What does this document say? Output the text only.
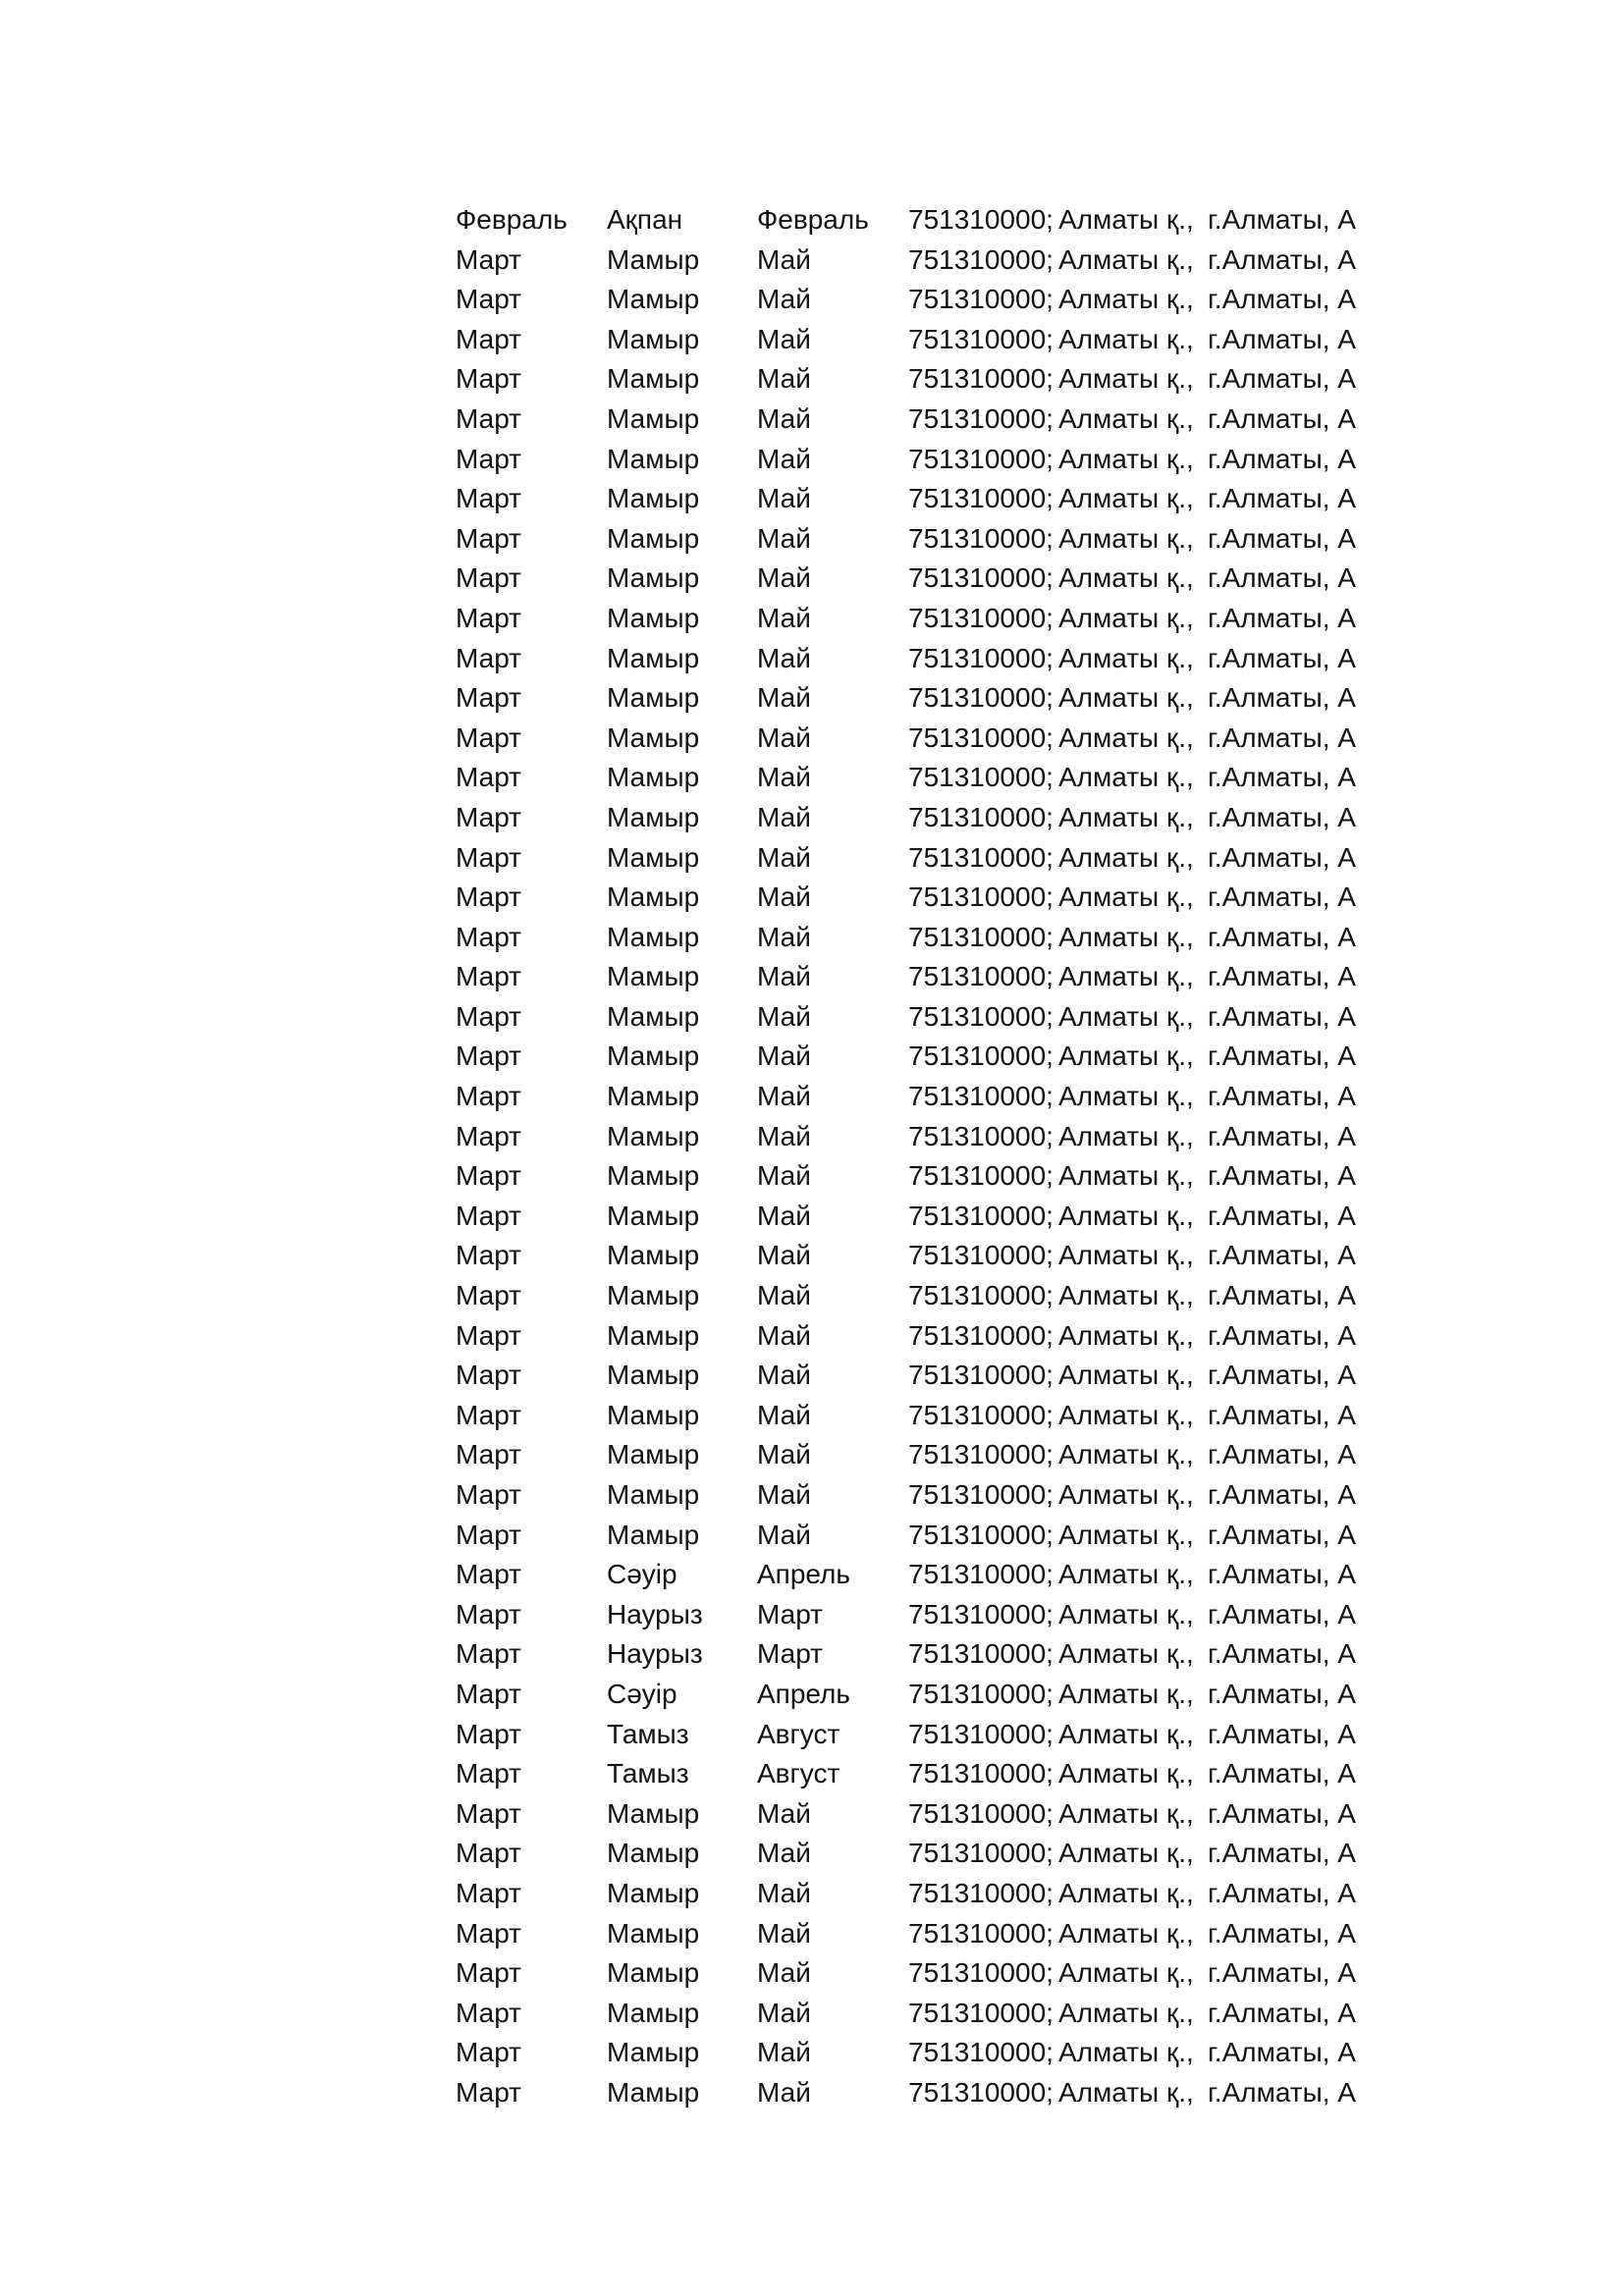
Февраль	Ақпан	Февраль	751310000; Алматы қ., г.Алматы, А
Март	Мамыр	Май	751310000; Алматы қ., г.Алматы, А
Март	Мамыр	Май	751310000; Алматы қ., г.Алматы, А
Март	Мамыр	Май	751310000; Алматы қ., г.Алматы, А
Март	Мамыр	Май	751310000; Алматы қ., г.Алматы, А
Март	Мамыр	Май	751310000; Алматы қ., г.Алматы, А
Март	Мамыр	Май	751310000; Алматы қ., г.Алматы, А
Март	Мамыр	Май	751310000; Алматы қ., г.Алматы, А
Март	Мамыр	Май	751310000; Алматы қ., г.Алматы, А
Март	Мамыр	Май	751310000; Алматы қ., г.Алматы, А
Март	Мамыр	Май	751310000; Алматы қ., г.Алматы, А
Март	Мамыр	Май	751310000; Алматы қ., г.Алматы, А
Март	Мамыр	Май	751310000; Алматы қ., г.Алматы, А
Март	Мамыр	Май	751310000; Алматы қ., г.Алматы, А
Март	Мамыр	Май	751310000; Алматы қ., г.Алматы, А
Март	Мамыр	Май	751310000; Алматы қ., г.Алматы, А
Март	Мамыр	Май	751310000; Алматы қ., г.Алматы, А
Март	Мамыр	Май	751310000; Алматы қ., г.Алматы, А
Март	Мамыр	Май	751310000; Алматы қ., г.Алматы, А
Март	Мамыр	Май	751310000; Алматы қ., г.Алматы, А
Март	Мамыр	Май	751310000; Алматы қ., г.Алматы, А
Март	Мамыр	Май	751310000; Алматы қ., г.Алматы, А
Март	Мамыр	Май	751310000; Алматы қ., г.Алматы, А
Март	Мамыр	Май	751310000; Алматы қ., г.Алматы, А
Март	Мамыр	Май	751310000; Алматы қ., г.Алматы, А
Март	Мамыр	Май	751310000; Алматы қ., г.Алматы, А
Март	Мамыр	Май	751310000; Алматы қ., г.Алматы, А
Март	Мамыр	Май	751310000; Алматы қ., г.Алматы, А
Март	Мамыр	Май	751310000; Алматы қ., г.Алматы, А
Март	Мамыр	Май	751310000; Алматы қ., г.Алматы, А
Март	Мамыр	Май	751310000; Алматы қ., г.Алматы, А
Март	Мамыр	Май	751310000; Алматы қ., г.Алматы, А
Март	Мамыр	Май	751310000; Алматы қ., г.Алматы, А
Март	Мамыр	Май	751310000; Алматы қ., г.Алматы, А
Март	Сәуір	Апрель	751310000; Алматы қ., г.Алматы, А
Март	Наурыз	Март	751310000; Алматы қ., г.Алматы, А
Март	Наурыз	Март	751310000; Алматы қ., г.Алматы, А
Март	Сәуір	Апрель	751310000; Алматы қ., г.Алматы, А
Март	Тамыз	Август	751310000; Алматы қ., г.Алматы, А
Март	Тамыз	Август	751310000; Алматы қ., г.Алматы, А
Март	Мамыр	Май	751310000; Алматы қ., г.Алматы, А
Март	Мамыр	Май	751310000; Алматы қ., г.Алматы, А
Март	Мамыр	Май	751310000; Алматы қ., г.Алматы, А
Март	Мамыр	Май	751310000; Алматы қ., г.Алматы, А
Март	Мамыр	Май	751310000; Алматы қ., г.Алматы, А
Март	Мамыр	Май	751310000; Алматы қ., г.Алматы, А
Март	Мамыр	Май	751310000; Алматы қ., г.Алматы, А
Март	Мамыр	Май	751310000; Алматы қ., г.Алматы, А
